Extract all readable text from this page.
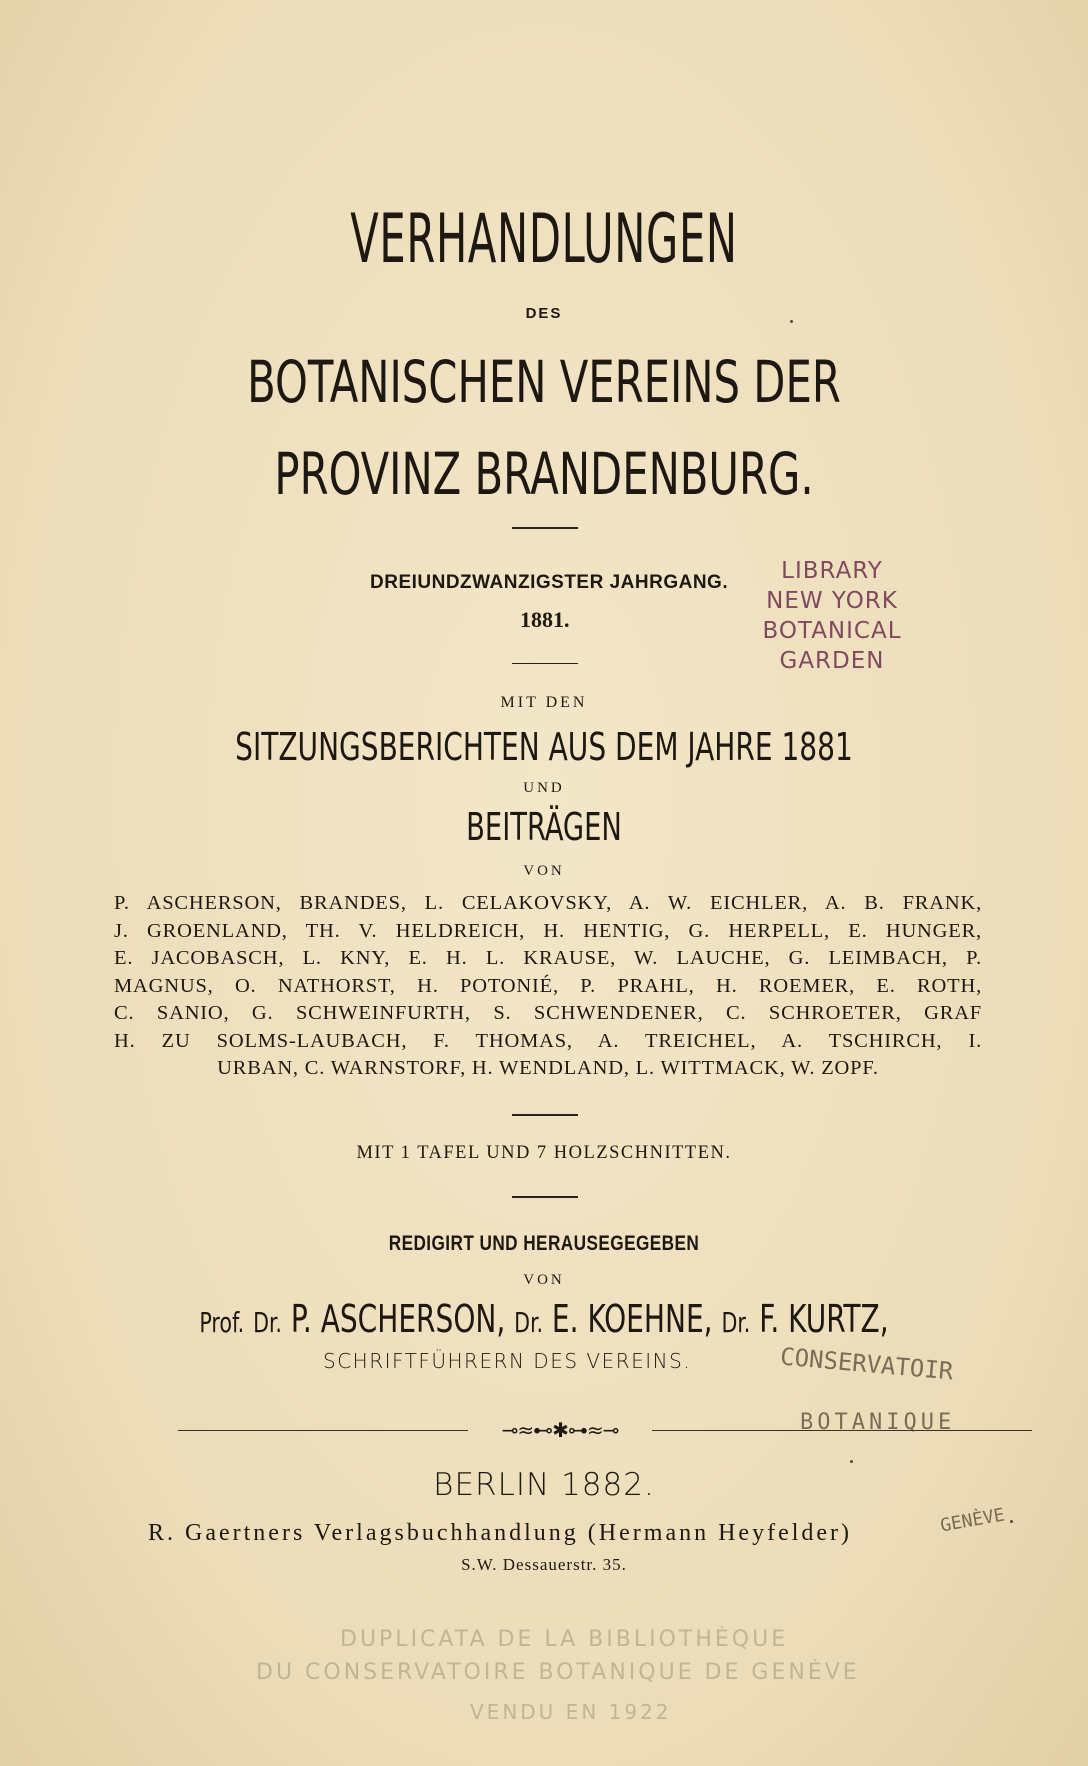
VERHANDLUNGEN
DES
BOTANISCHEN VEREINS DER
PROVINZ BRANDENBURG.
DREIUNDZWANZIGSTER JAHRGANG.
1881.
LIBRARY
NEW YORK
BOTANICAL
GARDEN
MIT DEN
SITZUNGSBERICHTEN AUS DEM JAHRE 1881
UND
BEITRÄGEN
VON
P. ASCHERSON, BRANDES, L. CELAKOVSKY, A. W. EICHLER, A. B. FRANK,
J. GROENLAND, TH. V. HELDREICH, H. HENTIG, G. HERPELL, E. HUNGER,
E. JACOBASCH, L. KNY, E. H. L. KRAUSE, W. LAUCHE, G. LEIMBACH, P.
MAGNUS, O. NATHORST, H. POTONIÉ, P. PRAHL, H. ROEMER, E. ROTH,
C. SANIO, G. SCHWEINFURTH, S. SCHWENDENER, C. SCHROETER, GRAF
H. ZU SOLMS-LAUBACH, F. THOMAS, A. TREICHEL, A. TSCHIRCH, I.
URBAN, C. WARNSTORF, H. WENDLAND, L. WITTMACK, W. ZOPF.
MIT 1 TAFEL UND 7 HOLZSCHNITTEN.
REDIGIRT UND HERAUSEGEGEBEN
VON
Prof. Dr. P. ASCHERSON, Dr. E. KOEHNE, Dr. F. KURTZ,
SCHRIFTFÜHRERN DES VEREINS.
⊸≈⊷✱⊶≈⊸
BERLIN 1882.
R. Gaertners Verlagsbuchhandlung (Hermann Heyfelder)
S.W. Dessauerstr. 35.
DUPLICATA DE LA BIBLIOTHÈQUE
DU CONSERVATOIRE BOTANIQUE DE GENÈVE
VENDU EN 1922
CONSERVATOIR
BOTANIQUE
GENÈVE
